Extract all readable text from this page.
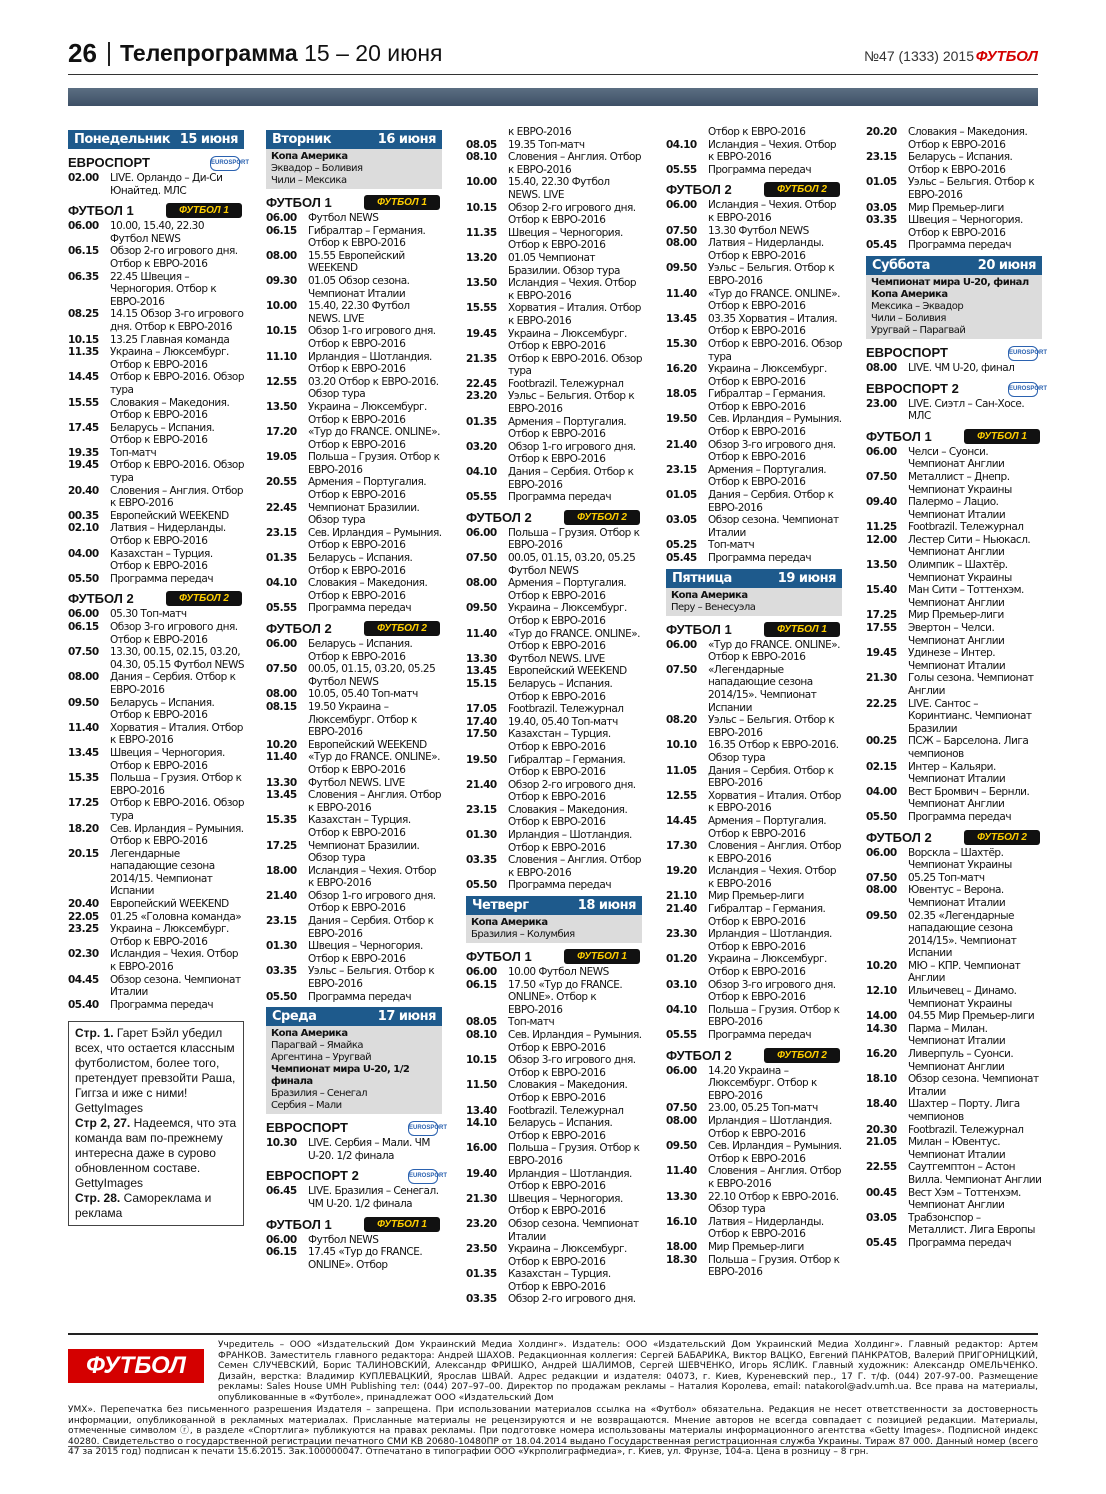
26 Телепрограмма 15 – 20 июня	№47 (1333) 2015 ФУТБОЛ
Понедельник 15 июня
ЕВРОСПОРТ	EUROSPORT
02.00	LIVE. Орландо – Ди-Си Юнайтед. МЛС
ФУТБОЛ 1	ФУТБОЛ 1
06.00	10.00, 15.40, 22.30 Футбол NEWS
06.15	Обзор 2-го игрового дня. Отбор к ЕВРО-2016
06.35	22.45 Швеция – Черногория. Отбор к ЕВРО-2016
08.25	14.15 Обзор 3-го игрового дня. Отбор к ЕВРО-2016
10.15	13.25 Главная команда
11.35	Украина – Люксембург. Отбор к ЕВРО-2016
14.45	Отбор к ЕВРО-2016. Обзор тура
15.55	Словакия – Македония. Отбор к ЕВРО-2016
17.45	Беларусь – Испания. Отбор к ЕВРО-2016
19.35	Топ-матч
19.45	Отбор к ЕВРО-2016. Обзор тура
20.40	Словения – Англия. Отбор к ЕВРО-2016
00.35	Европейский WEEKEND
02.10	Латвия – Нидерланды. Отбор к ЕВРО-2016
04.00	Казахстан – Турция. Отбор к ЕВРО-2016
05.50	Программа передач
ФУТБОЛ 2	ФУТБОЛ 2
06.00	05.30 Топ-матч
06.15	Обзор 3-го игрового дня. Отбор к ЕВРО-2016
07.50	13.30, 00.15, 02.15, 03.20, 04.30, 05.15 Футбол NEWS
08.00	Дания – Сербия. Отбор к ЕВРО-2016
09.50	Беларусь – Испания. Отбор к ЕВРО-2016
11.40	Хорватия – Италия. Отбор к ЕВРО-2016
13.45	Швеция – Черногория. Отбор к ЕВРО-2016
15.35	Польша – Грузия. Отбор к ЕВРО-2016
17.25	Отбор к ЕВРО-2016. Обзор тура
18.20	Сев. Ирландия – Румыния. Отбор к ЕВРО-2016
20.15	Легендарные нападающие сезона 2014/15. Чемпионат Испании
20.40	Европейский WEEKEND
22.05	01.25 «Головна команда»
23.25	Украина – Люксембург. Отбор к ЕВРО-2016
02.30	Исландия – Чехия. Отбор к ЕВРО-2016
04.45	Обзор сезона. Чемпионат Италии
05.40	Программа передач
Стр. 1. Гарет Бэйл убедил всех, что остается классным футболистом, более того, претендует превзойти Раша, Гиггза и иже с ними! GettyImages
Стр 2, 27. Надеемся, что эта команда вам по-прежнему интересна даже в сурово обновленном составе. GettyImages
Стр. 28. Самореклама и реклама
Вторник	16 июня
Копа Америка
Эквадор – Боливия
Чили – Мексика
ФУТБОЛ 1	ФУТБОЛ 1
06.00	Футбол NEWS
06.15	Гибралтар – Германия. Отбор к ЕВРО-2016
08.00	15.55 Европейский WEEKEND
09.30	01.05 Обзор сезона. Чемпионат Италии
10.00	15.40, 22.30 Футбол NEWS. LIVE
10.15	Обзор 1-го игрового дня. Отбор к ЕВРО-2016
11.10	Ирландия – Шотландия. Отбор к ЕВРО-2016
12.55	03.20 Отбор к ЕВРО-2016. Обзор тура
13.50	Украина – Люксембург. Отбор к ЕВРО-2016
17.20	«Тур до FRANCE. ONLINE». Отбор к ЕВРО-2016
19.05	Польша – Грузия. Отбор к ЕВРО-2016
20.55	Армения – Португалия. Отбор к ЕВРО-2016
22.45	Чемпионат Бразилии. Обзор тура
23.15	Сев. Ирландия – Румыния. Отбор к ЕВРО-2016
01.35	Беларусь – Испания. Отбор к ЕВРО-2016
04.10	Словакия – Македония. Отбор к ЕВРО-2016
05.55	Программа передач
ФУТБОЛ 2	ФУТБОЛ 2
06.00	Беларусь – Испания. Отбор к ЕВРО-2016
07.50	00.05, 01.15, 03.20, 05.25 Футбол NEWS
08.00	10.05, 05.40 Топ-матч
08.15	19.50 Украина – Люксембург. Отбор к ЕВРО-2016
10.20	Европейский WEEKEND
11.40	«Тур до FRANCE. ONLINE». Отбор к ЕВРО-2016
13.30	Футбол NEWS. LIVE
13.45	Словения – Англия. Отбор к ЕВРО-2016
15.35	Казахстан – Турция. Отбор к ЕВРО-2016
17.25	Чемпионат Бразилии. Обзор тура
18.00	Исландия – Чехия. Отбор к ЕВРО-2016
21.40	Обзор 1-го игрового дня. Отбор к ЕВРО-2016
23.15	Дания – Сербия. Отбор к ЕВРО-2016
01.30	Швеция – Черногория. Отбор к ЕВРО-2016
03.35	Уэльс – Бельгия. Отбор к ЕВРО-2016
05.50	Программа передач
Среда	17 июня
Копа Америка
Парагвай – Ямайка
Аргентина – Уругвай
Чемпионат мира U-20, 1/2 финала
Бразилия – Сенегал
Сербия – Мали
ЕВРОСПОРТ	EUROSPORT
10.30	LIVE. Сербия – Мали. ЧМ U-20. 1/2 финала
ЕВРОСПОРТ 2	EUROSPORT
06.45	LIVE. Бразилия – Сенегал. ЧМ U-20. 1/2 финала
ФУТБОЛ 1	ФУТБОЛ 1
06.00	Футбол NEWS
06.15	17.45 «Тур до FRANCE. ONLINE». Отбор
к ЕВРО-2016
08.05	19.35 Топ-матч
08.10	Словения – Англия. Отбор к ЕВРО-2016
10.00	15.40, 22.30 Футбол NEWS. LIVE
10.15	Обзор 2-го игрового дня. Отбор к ЕВРО-2016
11.35	Швеция – Черногория. Отбор к ЕВРО-2016
13.20	01.05 Чемпионат Бразилии. Обзор тура
13.50	Исландия – Чехия. Отбор к ЕВРО-2016
15.55	Хорватия – Италия. Отбор к ЕВРО-2016
19.45	Украина – Люксембург. Отбор к ЕВРО-2016
21.35	Отбор к ЕВРО-2016. Обзор тура
22.45	Footbrazil. Тележурнал
23.20	Уэльс – Бельгия. Отбор к ЕВРО-2016
01.35	Армения – Португалия. Отбор к ЕВРО-2016
03.20	Обзор 1-го игрового дня. Отбор к ЕВРО-2016
04.10	Дания – Сербия. Отбор к ЕВРО-2016
05.55	Программа передач
ФУТБОЛ 2	ФУТБОЛ 2
06.00	Польша – Грузия. Отбор к ЕВРО-2016
07.50	00.05, 01.15, 03.20, 05.25 Футбол NEWS
08.00	Армения – Португалия. Отбор к ЕВРО-2016
09.50	Украина – Люксембург. Отбор к ЕВРО-2016
11.40	«Тур до FRANCE. ONLINE». Отбор к ЕВРО-2016
13.30	Футбол NEWS. LIVE
13.45	Европейский WEEKEND
15.15	Беларусь – Испания. Отбор к ЕВРО-2016
17.05	Footbrazil. Тележурнал
17.40	19.40, 05.40 Топ-матч
17.50	Казахстан – Турция. Отбор к ЕВРО-2016
19.50	Гибралтар – Германия. Отбор к ЕВРО-2016
21.40	Обзор 2-го игрового дня. Отбор к ЕВРО-2016
23.15	Словакия – Македония. Отбор к ЕВРО-2016
01.30	Ирландия – Шотландия. Отбор к ЕВРО-2016
03.35	Словения – Англия. Отбор к ЕВРО-2016
05.50	Программа передач
Четверг	18 июня
Копа Америка
Бразилия – Колумбия
ФУТБОЛ 1	ФУТБОЛ 1
06.00	10.00 Футбол NEWS
06.15	17.50 «Тур до FRANCE. ONLINE». Отбор к ЕВРО-2016
08.05	Топ-матч
08.10	Сев. Ирландия – Румыния. Отбор к ЕВРО-2016
10.15	Обзор 3-го игрового дня. Отбор к ЕВРО-2016
11.50	Словакия – Македония. Отбор к ЕВРО-2016
13.40	Footbrazil. Тележурнал
14.10	Беларусь – Испания. Отбор к ЕВРО-2016
16.00	Польша – Грузия. Отбор к ЕВРО-2016
19.40	Ирландия – Шотландия. Отбор к ЕВРО-2016
21.30	Швеция – Черногория. Отбор к ЕВРО-2016
23.20	Обзор сезона. Чемпионат Италии
23.50	Украина – Люксембург. Отбор к ЕВРО-2016
01.35	Казахстан – Турция. Отбор к ЕВРО-2016
03.35	Обзор 2-го игрового дня.
Отбор к ЕВРО-2016
04.10	Исландия – Чехия. Отбор к ЕВРО-2016
05.55	Программа передач
ФУТБОЛ 2	ФУТБОЛ 2
06.00	Исландия – Чехия. Отбор к ЕВРО-2016
07.50	13.30 Футбол NEWS
08.00	Латвия – Нидерланды. Отбор к ЕВРО-2016
09.50	Уэльс – Бельгия. Отбор к ЕВРО-2016
11.40	«Тур до FRANCE. ONLINE». Отбор к ЕВРО-2016
13.45	03.35 Хорватия – Италия. Отбор к ЕВРО-2016
15.30	Отбор к ЕВРО-2016. Обзор тура
16.20	Украина – Люксембург. Отбор к ЕВРО-2016
18.05	Гибралтар – Германия. Отбор к ЕВРО-2016
19.50	Сев. Ирландия – Румыния. Отбор к ЕВРО-2016
21.40	Обзор 3-го игрового дня. Отбор к ЕВРО-2016
23.15	Армения – Португалия. Отбор к ЕВРО-2016
01.05	Дания – Сербия. Отбор к ЕВРО-2016
03.05	Обзор сезона. Чемпионат Италии
05.25	Топ-матч
05.45	Программа передач
Пятница	19 июня
Копа Америка
Перу – Венесуэла
ФУТБОЛ 1	ФУТБОЛ 1
06.00	«Тур до FRANCE. ONLINE». Отбор к ЕВРО-2016
07.50	«Легендарные нападающие сезона 2014/15». Чемпионат Испании
08.20	Уэльс – Бельгия. Отбор к ЕВРО-2016
10.10	16.35 Отбор к ЕВРО-2016. Обзор тура
11.05	Дания – Сербия. Отбор к ЕВРО-2016
12.55	Хорватия – Италия. Отбор к ЕВРО-2016
14.45	Армения – Португалия. Отбор к ЕВРО-2016
17.30	Словения – Англия. Отбор к ЕВРО-2016
19.20	Исландия – Чехия. Отбор к ЕВРО-2016
21.10	Мир Премьер-лиги
21.40	Гибралтар – Германия. Отбор к ЕВРО-2016
23.30	Ирландия – Шотландия. Отбор к ЕВРО-2016
01.20	Украина – Люксембург. Отбор к ЕВРО-2016
03.10	Обзор 3-го игрового дня. Отбор к ЕВРО-2016
04.10	Польша – Грузия. Отбор к ЕВРО-2016
05.55	Программа передач
ФУТБОЛ 2	ФУТБОЛ 2
06.00	14.20 Украина – Люксембург. Отбор к ЕВРО-2016
07.50	23.00, 05.25 Топ-матч
08.00	Ирландия – Шотландия. Отбор к ЕВРО-2016
09.50	Сев. Ирландия – Румыния. Отбор к ЕВРО-2016
11.40	Словения – Англия. Отбор к ЕВРО-2016
13.30	22.10 Отбор к ЕВРО-2016. Обзор тура
16.10	Латвия – Нидерланды. Отбор к ЕВРО-2016
18.00	Мир Премьер-лиги
18.30	Польша – Грузия. Отбор к ЕВРО-2016
20.20	Словакия – Македония. Отбор к ЕВРО-2016
23.15	Беларусь – Испания. Отбор к ЕВРО-2016
01.05	Уэльс – Бельгия. Отбор к ЕВРО-2016
03.05	Мир Премьер-лиги
03.35	Швеция – Черногория. Отбор к ЕВРО-2016
05.45	Программа передач
Суббота	20 июня
Чемпионат мира U-20, финал
Копа Америка
Мексика – Эквадор
Чили – Боливия
Уругвай – Парагвай
ЕВРОСПОРТ	EUROSPORT
08.00	LIVE. ЧМ U-20, финал
ЕВРОСПОРТ 2	EUROSPORT
23.00	LIVE. Сиэтл – Сан-Хосе. МЛС
ФУТБОЛ 1	ФУТБОЛ 1
06.00	Челси – Суонси. Чемпионат Англии
07.50	Металлист – Днепр. Чемпионат Украины
09.40	Палермо – Лацио. Чемпионат Италии
11.25	Footbrazil. Тележурнал
12.00	Лестер Сити – Ньюкасл. Чемпионат Англии
13.50	Олимпик – Шахтёр. Чемпионат Украины
15.40	Ман Сити – Тоттенхэм. Чемпионат Англии
17.25	Мир Премьер-лиги
17.55	Эвертон – Челси. Чемпионат Англии
19.45	Удинезе – Интер. Чемпионат Италии
21.30	Голы сезона. Чемпионат Англии
22.25	LIVE. Сантос – Коринтианс. Чемпионат Бразилии
00.25	ПСЖ – Барселона. Лига чемпионов
02.15	Интер – Кальяри. Чемпионат Италии
04.00	Вест Бромвич – Бернли. Чемпионат Англии
05.50	Программа передач
ФУТБОЛ 2	ФУТБОЛ 2
06.00	Ворскла – Шахтёр. Чемпионат Украины
07.50	05.25 Топ-матч
08.00	Ювентус – Верона. Чемпионат Италии
09.50	02.35 «Легендарные нападающие сезона 2014/15». Чемпионат Испании
10.20	МЮ – КПР. Чемпионат Англии
12.10	Ильичевец – Динамо. Чемпионат Украины
14.00	04.55 Мир Премьер-лиги
14.30	Парма – Милан. Чемпионат Италии
16.20	Ливерпуль – Суонси. Чемпионат Англии
18.10	Обзор сезона. Чемпионат Италии
18.40	Шахтер – Порту. Лига чемпионов
20.30	Footbrazil. Тележурнал
21.05	Милан – Ювентус. Чемпионат Италии
22.55	Саутгемптон – Астон Вилла. Чемпионат Англии
00.45	Вест Хэм – Тоттенхэм. Чемпионат Англии
03.05	Трабзонспор – Металлист. Лига Европы
05.45	Программа передач
ФУТБОЛ
Учредитель – ООО «Издательский Дом Украинский Медиа Холдинг». Издатель: ООО «Издательский Дом Украинский Медиа Холдинг». Главный редактор: Артем ФРАНКОВ. Заместитель главного редактора: Андрей ШАХОВ. Редакционная коллегия: Сергей БАБАРИКА, Виктор ВАЦКО, Евгений ПАНКРАТОВ, Валерий ПРИГОРНИЦКИЙ, Семен СЛУЧЕВСКИЙ, Борис ТАЛИНОВСКИЙ, Александр ФРИШКО, Андрей ШАЛИМОВ, Сергей ШЕВЧЕНКО, Игорь ЯСЛИК. Главный художник: Александр ОМЕЛЬЧЕНКО. Дизайн, верстка: Владимир КУПЛЕВАЦКИЙ, Ярослав ШВАЙ. Адрес редакции и издателя: 04073, г. Киев, Куреневский пер., 17 Г. т/ф. (044) 207-97-00. Размещение рекламы: Sales House UMH Publishing тел: (044) 207–97–00. Директор по продажам рекламы – Наталия Королева, email: natakorol@adv.umh.ua. Все права на материалы, опубликованные в «Футболе», принадлежат ООО «Издательский Дом
УМХ». Перепечатка без письменного разрешения Издателя – запрещена. При использовании материалов ссылка на «Футбол» обязательна. Редакция не несет ответственности за достоверность информации, опубликованной в рекламных материалах. Присланные материалы не рецензируются и не возвращаются. Мнение авторов не всегда совпадает с позицией редакции. Материалы, отмеченные символом ⓡ, в разделе «Спортлига» публикуются на правах рекламы. При подготовке номера использованы материалы информационного агентства «Getty Images». Подписной индекс 40280. Свидетельство о государственной регистрации печатного СМИ КВ 20680-10480ПР от 18.04.2014 выдано Государственная регистрационная служба Украины. Тираж 87 000. Данный номер (всего 47 за 2015 год) подписан к печати 15.6.2015. Зак.100000047. Отпечатано в типографии ООО «Укрполиграфмедиа», г. Киев, ул. Фрунзе, 104-а. Цена в розницу – 8 грн.
